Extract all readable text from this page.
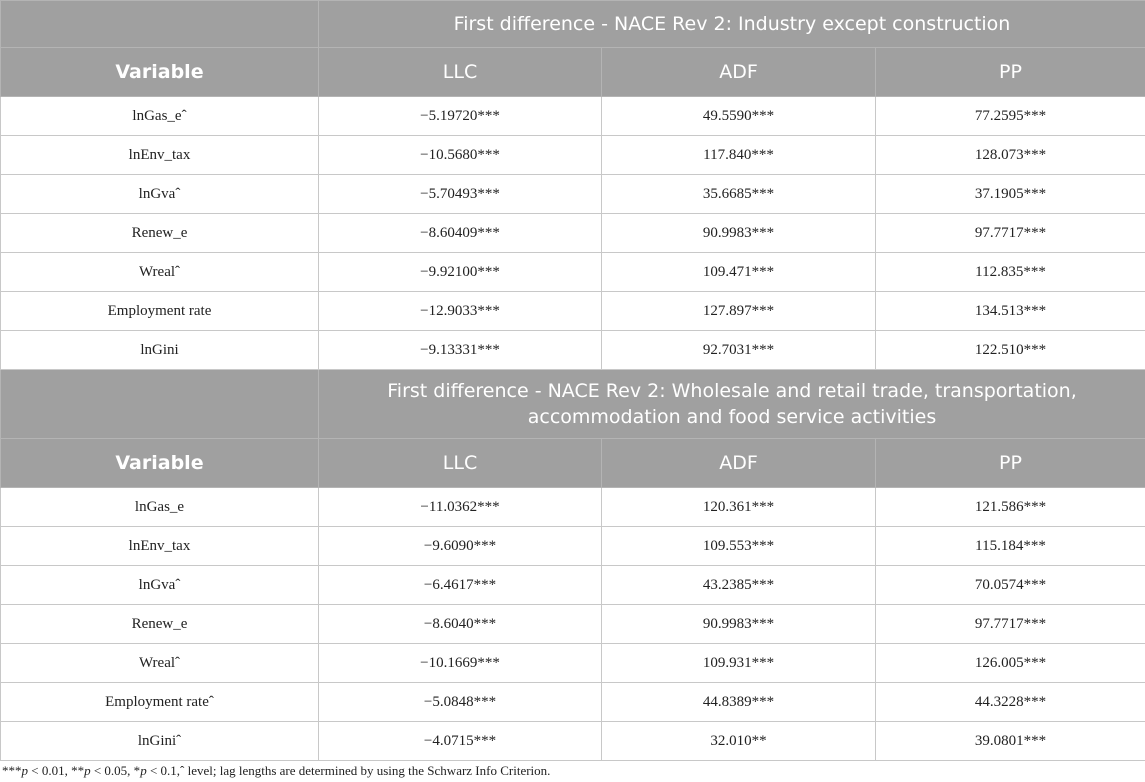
	First difference - NACE Rev 2: Industry except construction		

Variable	LLC	ADF	PP
lnGas_eˆ	−5.19720***	49.5590***	77.2595***
lnEnv_tax	−10.5680***	117.840***	128.073***
lnGvaˆ	−5.70493***	35.6685***	37.1905***
Renew_e	−8.60409***	90.9983***	97.7717***
Wrealˆ	−9.92100***	109.471***	112.835***
Employment rate	−12.9033***	127.897***	134.513***
lnGini	−9.13331***	92.7031***	122.510***

	First difference - NACE Rev 2: Wholesale and retail trade, transportation,
accommodation and food service activities		

Variable	LLC	ADF	PP
lnGas_e	−11.0362***	120.361***	121.586***
lnEnv_tax	−9.6090***	109.553***	115.184***
lnGvaˆ	−6.4617***	43.2385***	70.0574***
Renew_e	−8.6040***	90.9983***	97.7717***
Wrealˆ	−10.1669***	109.931***	126.005***
Employment rateˆ	−5.0848***	44.8389***	44.3228***
lnGiniˆ	−4.0715***	32.010**	39.0801***
***p < 0.01, **p < 0.05, *p < 0.1,ˆ level; lag lengths are determined by using the Schwarz Info Criterion.
